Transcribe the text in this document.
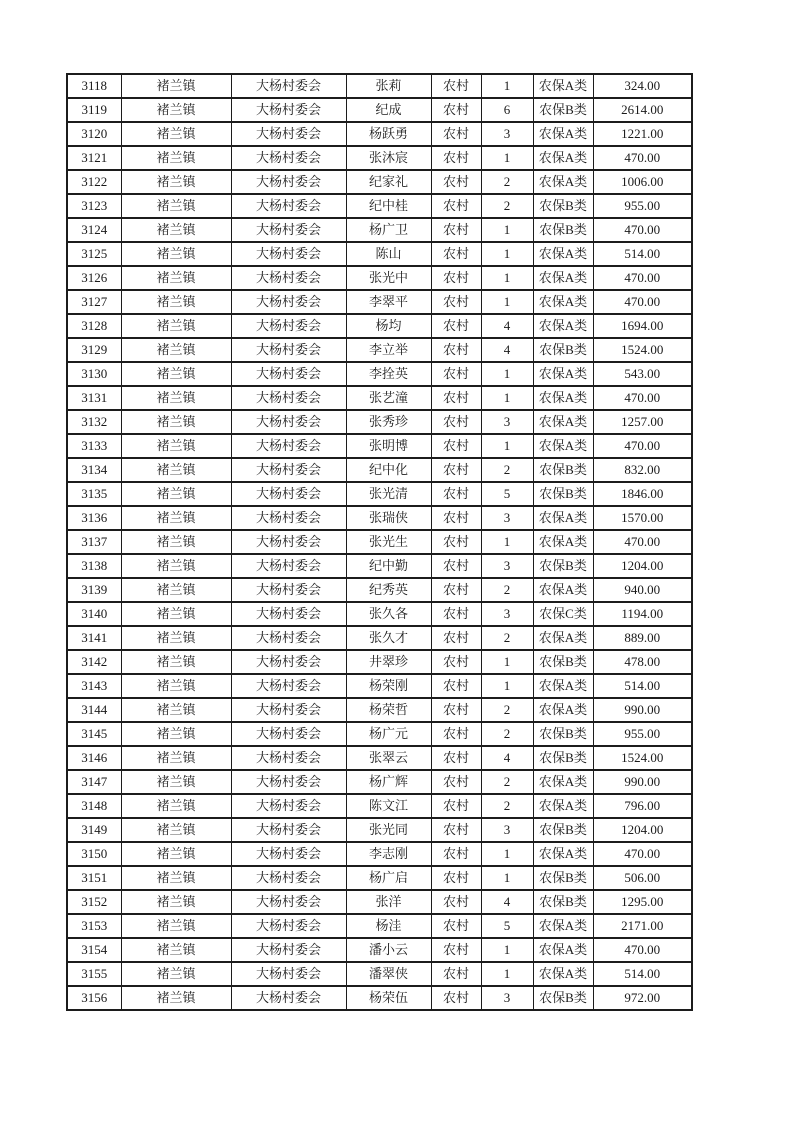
3118	褚兰镇	大杨村委会	张莉	农村	1	农保A类	324.00
3119	褚兰镇	大杨村委会	纪成	农村	6	农保B类	2614.00
3120	褚兰镇	大杨村委会	杨跃勇	农村	3	农保A类	1221.00
3121	褚兰镇	大杨村委会	张沐宸	农村	1	农保A类	470.00
3122	褚兰镇	大杨村委会	纪家礼	农村	2	农保A类	1006.00
3123	褚兰镇	大杨村委会	纪中桂	农村	2	农保B类	955.00
3124	褚兰镇	大杨村委会	杨广卫	农村	1	农保B类	470.00
3125	褚兰镇	大杨村委会	陈山	农村	1	农保A类	514.00
3126	褚兰镇	大杨村委会	张光中	农村	1	农保A类	470.00
3127	褚兰镇	大杨村委会	李翠平	农村	1	农保A类	470.00
3128	褚兰镇	大杨村委会	杨均	农村	4	农保A类	1694.00
3129	褚兰镇	大杨村委会	李立举	农村	4	农保B类	1524.00
3130	褚兰镇	大杨村委会	李拴英	农村	1	农保A类	543.00
3131	褚兰镇	大杨村委会	张艺潼	农村	1	农保A类	470.00
3132	褚兰镇	大杨村委会	张秀珍	农村	3	农保A类	1257.00
3133	褚兰镇	大杨村委会	张明博	农村	1	农保A类	470.00
3134	褚兰镇	大杨村委会	纪中化	农村	2	农保B类	832.00
3135	褚兰镇	大杨村委会	张光清	农村	5	农保B类	1846.00
3136	褚兰镇	大杨村委会	张瑞侠	农村	3	农保A类	1570.00
3137	褚兰镇	大杨村委会	张光生	农村	1	农保A类	470.00
3138	褚兰镇	大杨村委会	纪中勤	农村	3	农保B类	1204.00
3139	褚兰镇	大杨村委会	纪秀英	农村	2	农保A类	940.00
3140	褚兰镇	大杨村委会	张久各	农村	3	农保C类	1194.00
3141	褚兰镇	大杨村委会	张久才	农村	2	农保A类	889.00
3142	褚兰镇	大杨村委会	井翠珍	农村	1	农保B类	478.00
3143	褚兰镇	大杨村委会	杨荣刚	农村	1	农保A类	514.00
3144	褚兰镇	大杨村委会	杨荣哲	农村	2	农保A类	990.00
3145	褚兰镇	大杨村委会	杨广元	农村	2	农保B类	955.00
3146	褚兰镇	大杨村委会	张翠云	农村	4	农保B类	1524.00
3147	褚兰镇	大杨村委会	杨广辉	农村	2	农保A类	990.00
3148	褚兰镇	大杨村委会	陈文江	农村	2	农保A类	796.00
3149	褚兰镇	大杨村委会	张光同	农村	3	农保B类	1204.00
3150	褚兰镇	大杨村委会	李志刚	农村	1	农保A类	470.00
3151	褚兰镇	大杨村委会	杨广启	农村	1	农保B类	506.00
3152	褚兰镇	大杨村委会	张洋	农村	4	农保B类	1295.00
3153	褚兰镇	大杨村委会	杨洼	农村	5	农保A类	2171.00
3154	褚兰镇	大杨村委会	潘小云	农村	1	农保A类	470.00
3155	褚兰镇	大杨村委会	潘翠侠	农村	1	农保A类	514.00
3156	褚兰镇	大杨村委会	杨荣伍	农村	3	农保B类	972.00
